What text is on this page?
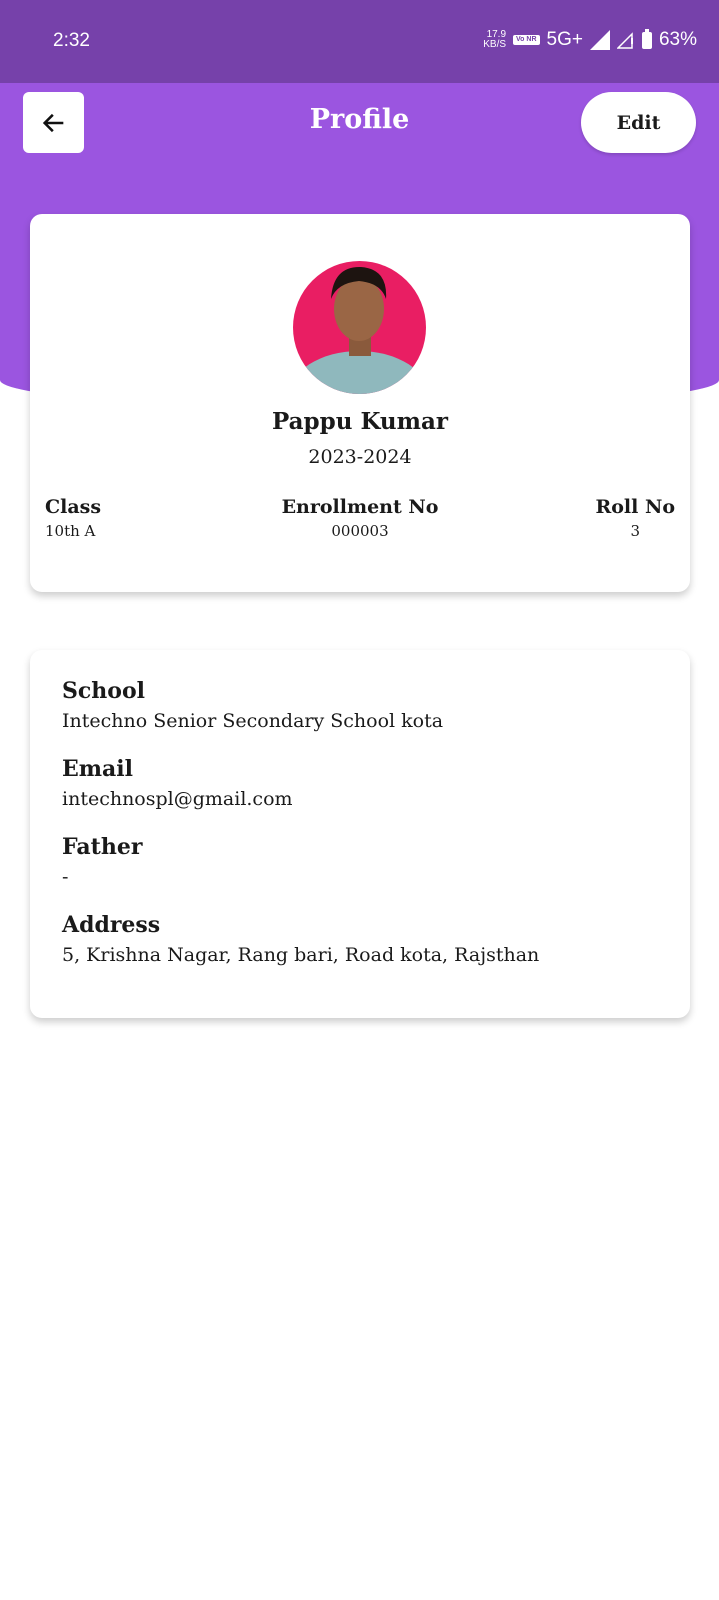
2:32	17.9
KB/S	Vo NR 5G+	63%
Profile	Edit
Pappu Kumar
2023-2024
Class
10th A
Enrollment No
000003
Roll No
3
School
Intechno Senior Secondary School kota
Email
intechnospl@gmail.com
Father
-
Address
5, Krishna Nagar, Rang bari, Road kota, Rajsthan
